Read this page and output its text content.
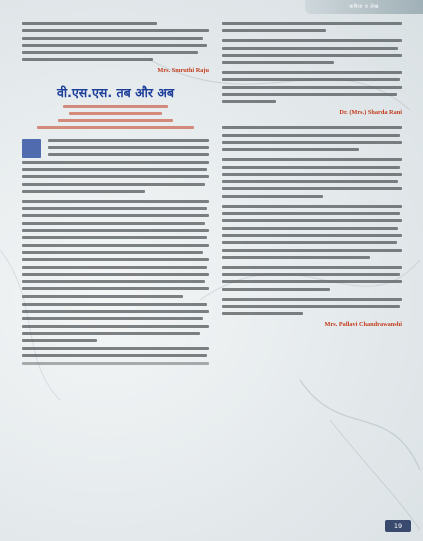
कविता व लेख
Mrs. Smruthi Raju
वी.एस.एस. तब और अब
Dr. (Mrs.) Sharda Rani
Mrs. Pallavi Chandrawanshi
19
